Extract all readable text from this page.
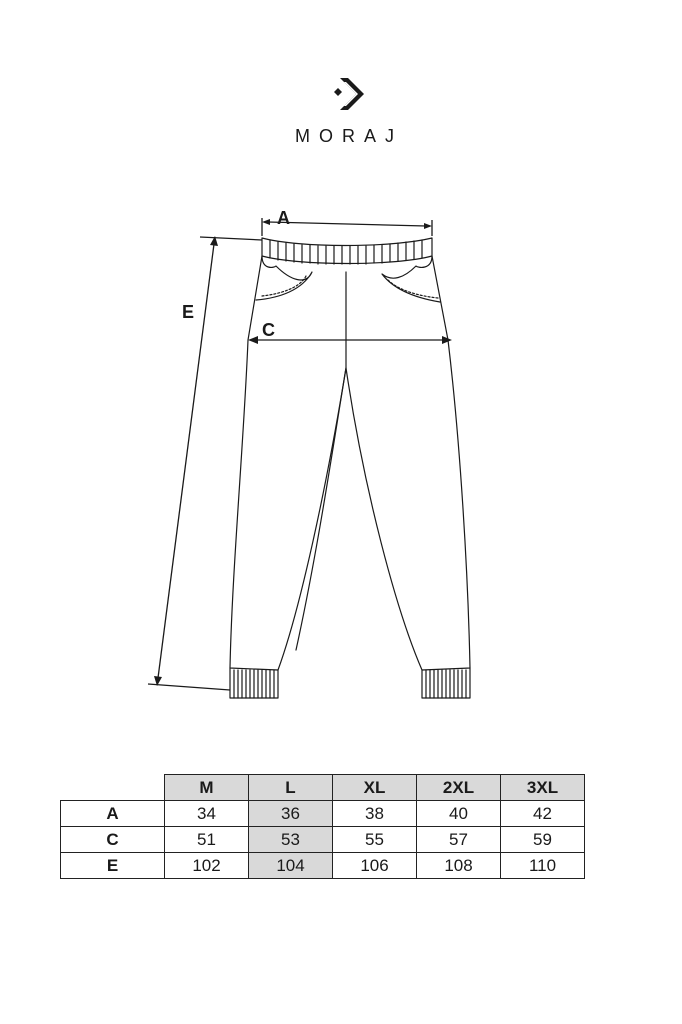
MORAJ
A
C
E
	M	L	XL	2XL	3XL
A	34	36	38	40	42
C	51	53	55	57	59
E	102	104	106	108	110
